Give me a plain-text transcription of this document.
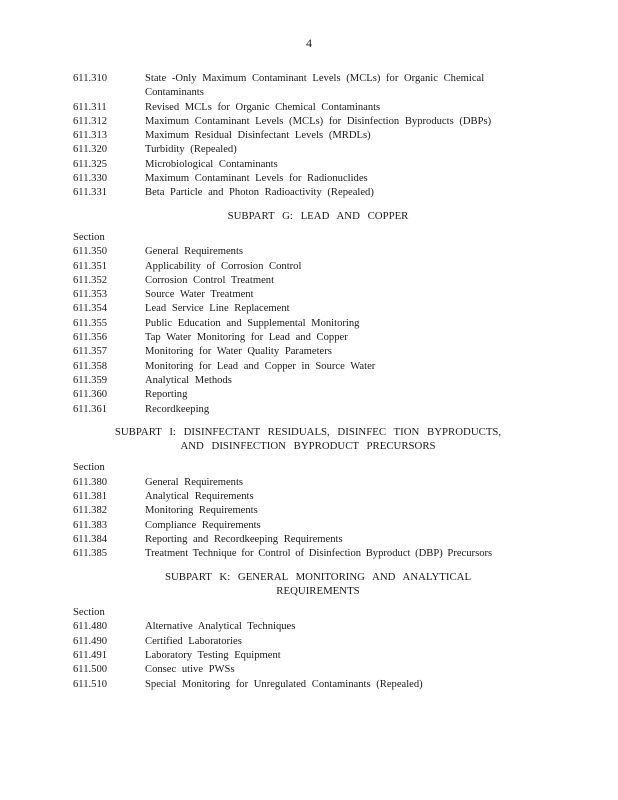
4
611.310	State -Only Maximum Contaminant Levels (MCLs) for Organic Chemical
Contaminants
611.311	Revised MCLs for Organic Chemical Contaminants
611.312	Maximum Contaminant Levels (MCLs) for Disinfection Byproducts (DBPs)
611.313	Maximum Residual Disinfectant Levels (MRDLs)
611.320	Turbidity (Repealed)
611.325	Microbiological Contaminants
611.330	Maximum Contaminant Levels for Radionuclides
611.331	Beta Particle and Photon Radioactivity (Repealed)
SUBPART G: LEAD AND COPPER
Section
611.350	General Requirements
611.351	Applicability of Corrosion Control
611.352	Corrosion Control Treatment
611.353	Source Water Treatment
611.354	Lead Service Line Replacement
611.355	Public Education and Supplemental Monitoring
611.356	Tap Water Monitoring for Lead and Copper
611.357	Monitoring for Water Quality Parameters
611.358	Monitoring for Lead and Copper in Source Water
611.359	Analytical Methods
611.360	Reporting
611.361	Recordkeeping
SUBPART I: DISINFECTANT RESIDUALS, DISINFEC TION BYPRODUCTS,
AND DISINFECTION BYPRODUCT PRECURSORS
Section
611.380	General Requirements
611.381	Analytical Requirements
611.382	Monitoring Requirements
611.383	Compliance Requirements
611.384	Reporting and Recordkeeping Requirements
611.385	Treatment Technique for Control of Disinfection Byproduct (DBP) Precursors
SUBPART K: GENERAL MONITORING AND ANALYTICAL
REQUIREMENTS
Section
611.480	Alternative Analytical Techniques
611.490	Certified Laboratories
611.491	Laboratory Testing Equipment
611.500	Consec utive PWSs
611.510	Special Monitoring for Unregulated Contaminants (Repealed)
